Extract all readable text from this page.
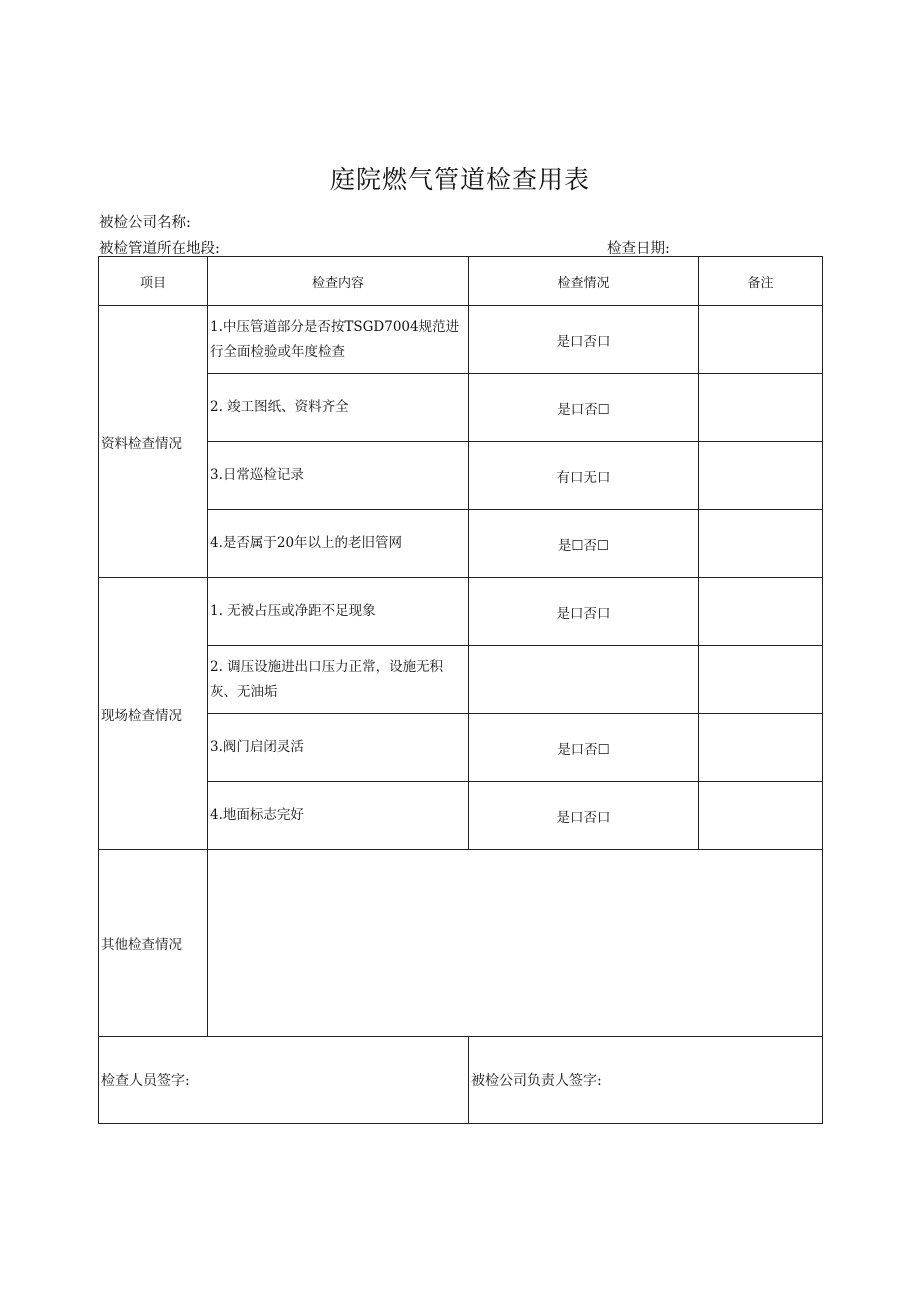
庭院燃气管道检查用表
被检公司名称:
被检管道所在地段:	检查日期:
项目	检查内容	检查情况	备注
资料检查情况	1.中压管道部分是否按TSGD7004规范进行全面检验或年度检查	是口否口	
	2. 竣工图纸、资料齐全	是口否☐	
	3.日常巡检记录	有口无口	
	4.是否属于20年以上的老旧管网	是☐否☐	
现场检查情况	1. 无被占压或净距不足现象	是口否口	
	2. 调压设施进出口压力正常，设施无积灰、无油垢		
	3.阀门启闭灵活	是口否☐	
	4.地面标志完好	是口否口	
其他检查情况			
检查人员签字:		被检公司负责人签字:	
